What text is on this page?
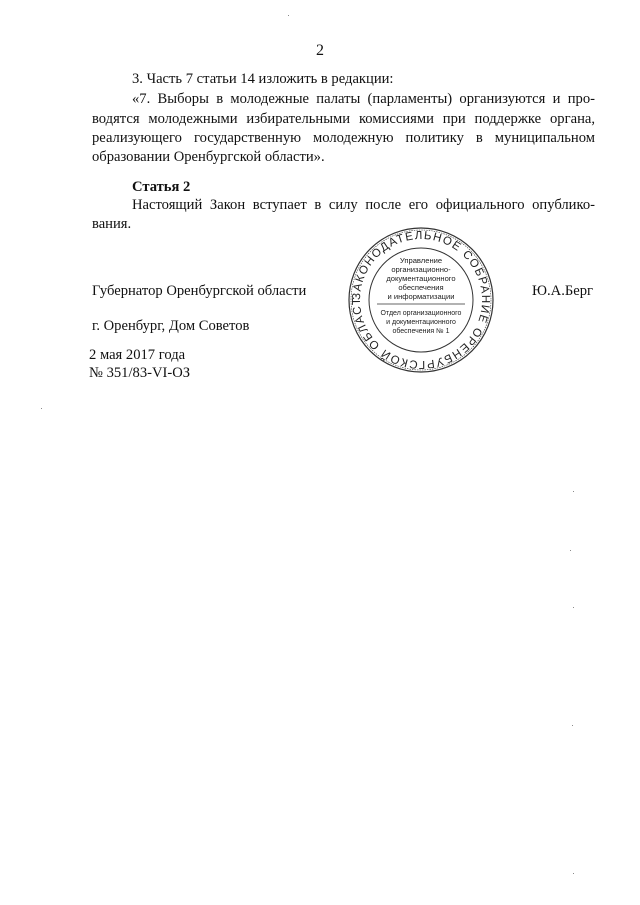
2
3. Часть 7 статьи 14 изложить в редакции:
«7. Выборы в молодежные палаты (парламенты) организуются и про-
водятся молодежными избирательными комиссиями при поддержке органа,
реализующего государственную молодежную политику в муниципальном
образовании Оренбургской области».
Статья 2
Настоящий Закон вступает в силу после его официального опублико-
вания.
Губернатор Оренбургской области	Ю.А.Берг
г. Оренбург, Дом Советов
2 мая 2017 года
№ 351/83-VI-ОЗ
ЗАКОНОДАТЕЛЬНОЕ СОБРАНИЕ ОРЕНБУРГСКОЙ ОБЛАСТ
Управление
организационно-
документационного
обеспечения
и информатизации
Отдел организационного
и документационного
обеспечения № 1
